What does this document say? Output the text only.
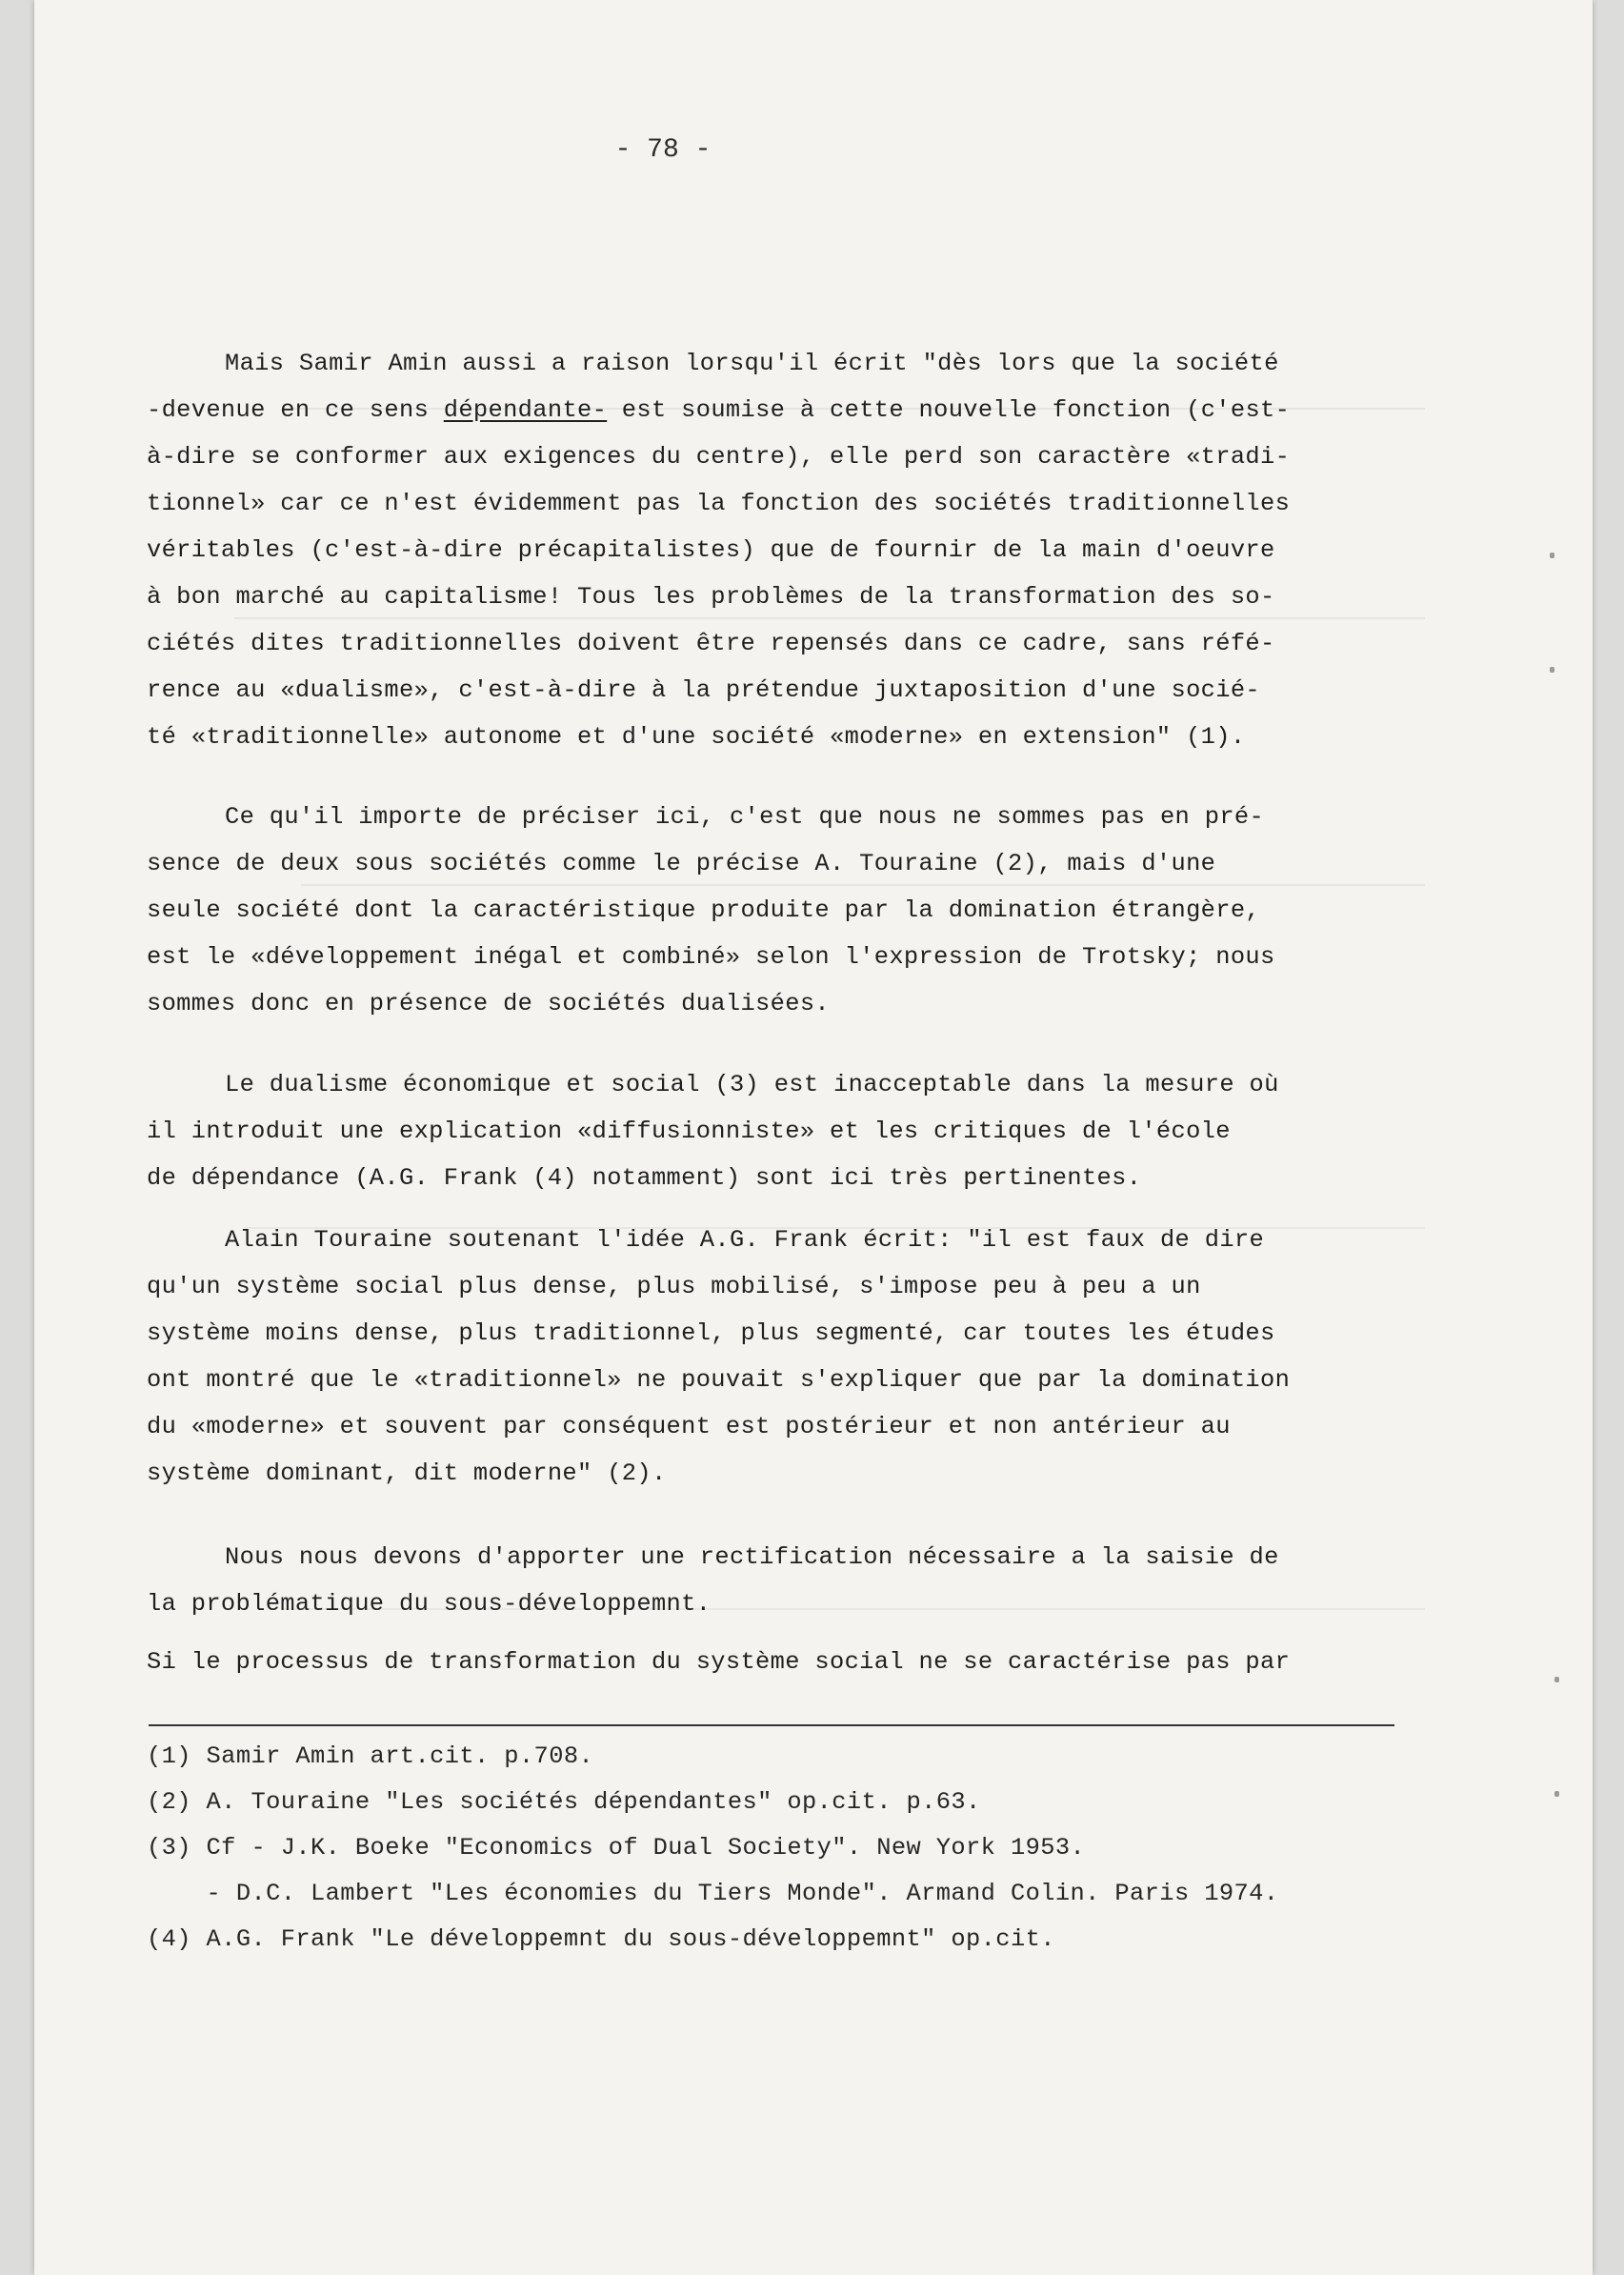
- 78 -
Mais Samir Amin aussi a raison lorsqu'il écrit "dès lors que la société
-devenue en ce sens dépendante- est soumise à cette nouvelle fonction (c'est-
à-dire se conformer aux exigences du centre), elle perd son caractère «tradi-
tionnel» car ce n'est évidemment pas la fonction des sociétés traditionnelles
véritables (c'est-à-dire précapitalistes) que de fournir de la main d'oeuvre
à bon marché au capitalisme! Tous les problèmes de la transformation des so-
ciétés dites traditionnelles doivent être repensés dans ce cadre, sans réfé-
rence au «dualisme», c'est-à-dire à la prétendue juxtaposition d'une socié-
té «traditionnelle» autonome et d'une société «moderne» en extension" (1).
Ce qu'il importe de préciser ici, c'est que nous ne sommes pas en pré-
sence de deux sous sociétés comme le précise A. Touraine (2), mais d'une
seule société dont la caractéristique produite par la domination étrangère,
est le «développement inégal et combiné» selon l'expression de Trotsky; nous
sommes donc en présence de sociétés dualisées.
Le dualisme économique et social (3) est inacceptable dans la mesure où
il introduit une explication «diffusionniste» et les critiques de l'école
de dépendance (A.G. Frank (4) notamment) sont ici très pertinentes.
Alain Touraine soutenant l'idée A.G. Frank écrit: "il est faux de dire
qu'un système social plus dense, plus mobilisé, s'impose peu à peu a un
système moins dense, plus traditionnel, plus segmenté, car toutes les études
ont montré que le «traditionnel» ne pouvait s'expliquer que par la domination
du «moderne» et souvent par conséquent est postérieur et non antérieur au
système dominant, dit moderne" (2).
Nous nous devons d'apporter une rectification nécessaire a la saisie de
la problématique du sous-développemnt.
Si le processus de transformation du système social ne se caractérise pas par
(1) Samir Amin art.cit. p.708.
(2) A. Touraine "Les sociétés dépendantes" op.cit. p.63.
(3) Cf - J.K. Boeke "Economics of Dual Society". New York 1953.
- D.C. Lambert "Les économies du Tiers Monde". Armand Colin. Paris 1974.
(4) A.G. Frank "Le développemnt du sous-développemnt" op.cit.
